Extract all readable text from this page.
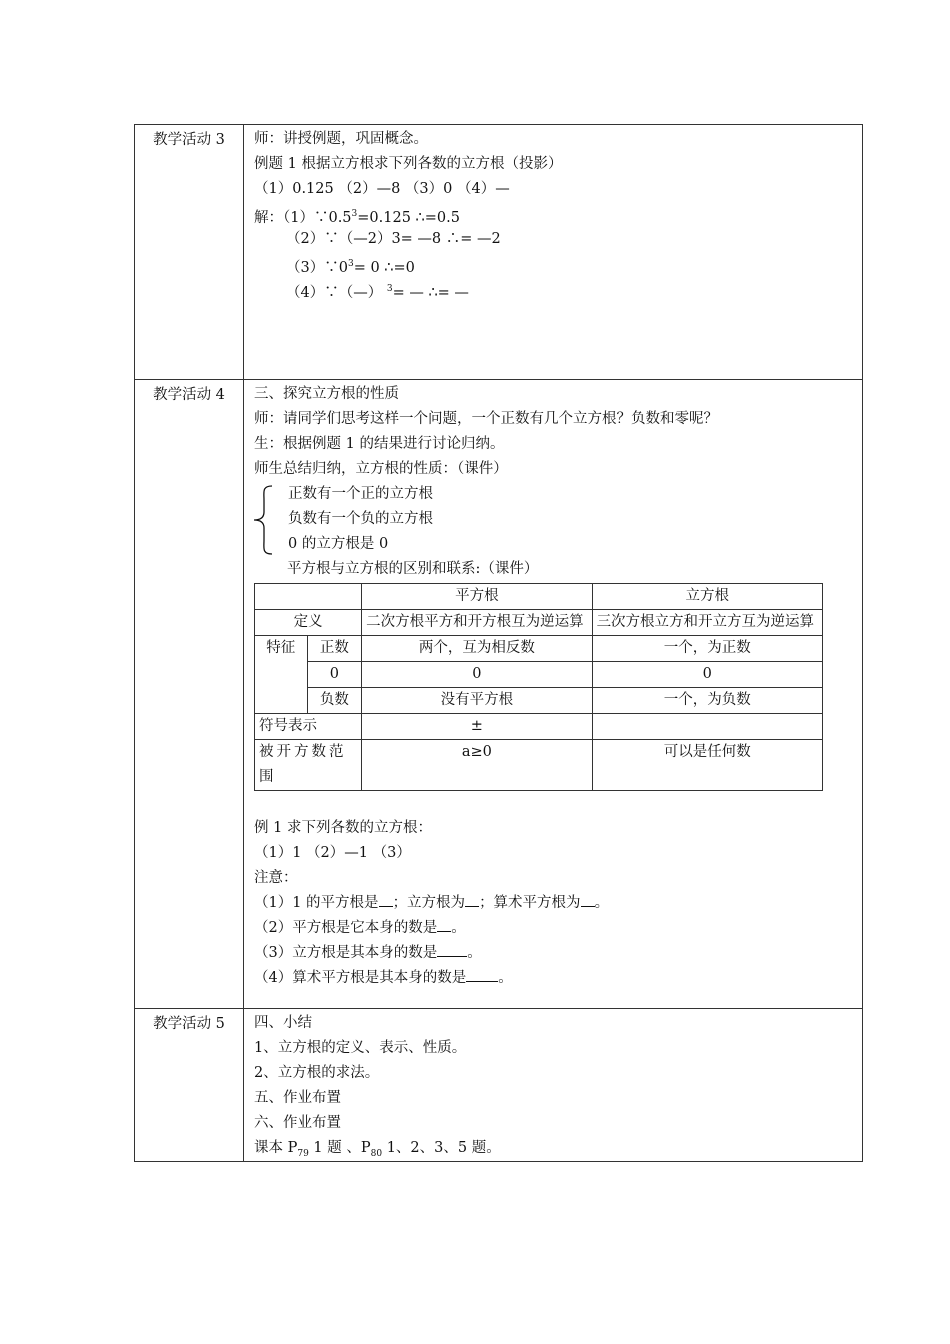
教学活动 3	师：讲授例题，巩固概念。
例题 1 根据立方根求下列各数的立方根（投影）
（1）0.125 （2）—8 （3）0 （4）—
解：$(1)\because 0.5^3=0.125$ ∴=0.5
（2）∵（—2）3= —8 ∴= —2
$(3)\because 0^3= 0$ ∴=0
（4）∵（—） $^3$= — ∴= —

教学活动 4	三、探究立方根的性质
师：请同学们思考这样一个问题，一个正数有几个立方根？负数和零呢？
生：根据例题 1 的结果进行讨论归纳。
师生总结归纳，立方根的性质：（课件）
正数有一个正的立方根
负数有一个负的立方根
0 的立方根是 0
平方根与立方根的区别和联系:（课件）
	平方根	立方根
定义	二次方根平方和开方根互为逆运算	三次方根立方和开立方互为逆运算
特征	正数	两个，互为相反数	一个，为正数
0	0	0
负数	没有平方根	一个，为负数
符号表示	±	
被开方数范围	a≥0	可以是任何数
例 1 求下列各数的立方根：
（1）1 （2）—1 （3）
注意：
（1）1 的平方根是 ；立方根为 ；算术平方根为 。
（2）平方根是它本身的数是 。
（3）立方根是其本身的数是 。
（4）算术平方根是其本身的数是 。

教学活动 5	四、小结
1、立方根的定义、表示、性质。
2、立方根的求法。
五、作业布置
六、作业布置
课本 $P_{79}$ 1 题 、$P_{80}$ 1、2、3、5 题。
